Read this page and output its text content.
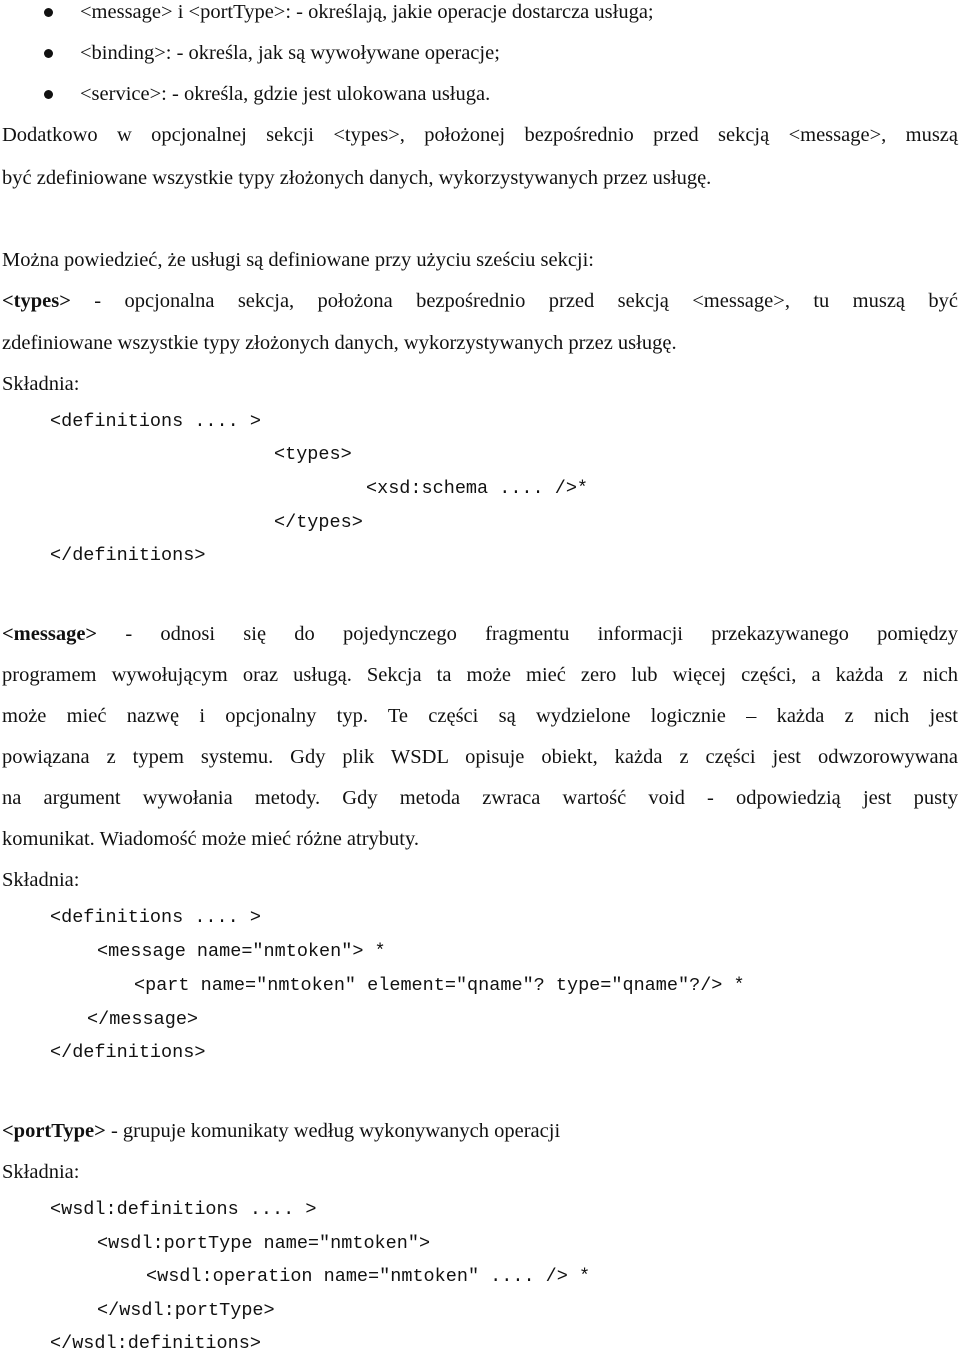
<message> i <portType>: - określają, jakie operacje dostarcza usługa;
<binding>: - określa, jak są wywoływane operacje;
<service>: - określa, gdzie jest ulokowana usługa.
Dodatkowo w opcjonalnej sekcji <types>, położonej bezpośrednio przed sekcją <message>, muszą
być zdefiniowane wszystkie typy złożonych danych, wykorzystywanych przez usługę.
Można powiedzieć, że usługi są definiowane przy użyciu sześciu sekcji:
<types> - opcjonalna sekcja, położona bezpośrednio przed sekcją <message>, tu muszą być
zdefiniowane wszystkie typy złożonych danych, wykorzystywanych przez usługę.
Składnia:
<definitions .... >
<types>
<xsd:schema .... />*
</types>
</definitions>
<message> - odnosi się do pojedynczego fragmentu informacji przekazywanego pomiędzy
programem wywołującym oraz usługą. Sekcja ta może mieć zero lub więcej części, a każda z nich
może mieć nazwę i opcjonalny typ. Te części są wydzielone logicznie – każda z nich jest
powiązana z typem systemu. Gdy plik WSDL opisuje obiekt, każda z części jest odwzorowywana
na argument wywołania metody. Gdy metoda zwraca wartość void - odpowiedzią jest pusty
komunikat. Wiadomość może mieć różne atrybuty.
Składnia:
<definitions .... >
<message name="nmtoken"> *
<part name="nmtoken" element="qname"? type="qname"?/> *
</message>
</definitions>
<portType> - grupuje komunikaty według wykonywanych operacji
Składnia:
<wsdl:definitions .... >
<wsdl:portType name="nmtoken">
<wsdl:operation name="nmtoken" .... /> *
</wsdl:portType>
</wsdl:definitions>
